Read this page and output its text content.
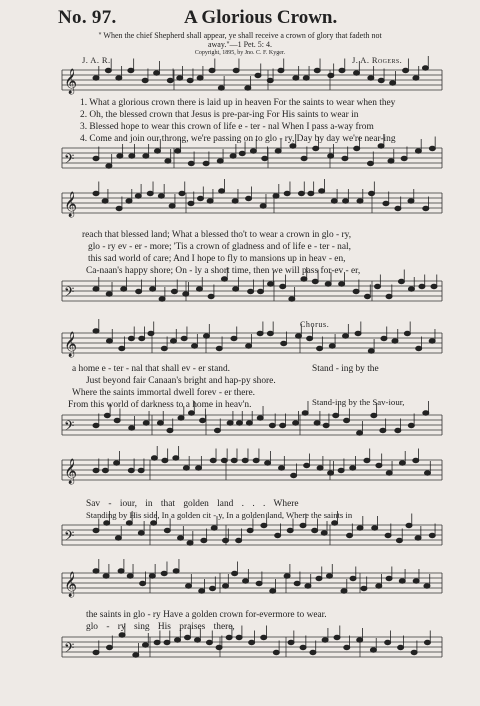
No. 97.	A Glorious Crown.
" When the chief Shepherd shall appear, ye shall receive a crown of glory that fadeth not
away."—1 Pet. 5: 4.
Copyright, 1895, by Jno. C. F. Kyger.
J. A. R.	J. A. Rogers.
𝄞
𝄢
𝄞
𝄢
𝄞
𝄢
𝄞
𝄢
𝄞
𝄢
1. What a glorious crown there is laid up in heaven For the saints to wear when they
2. Oh, the blessed crown that Jesus is pre-par-ing For His saints to wear in
3. Blessed hope to wear this crown of life e - ter - nal When I pass a-way from
4. Come and join our throng, we're passing on to glo - ry, Day by day we're near-ing
reach that blessed land; What a blessed tho't to wear a crown in glo - ry,
glo - ry ev - er - more; 'Tis a crown of gladness and of life e - ter - nal,
this sad world of care; And I hope to fly to mansions up in heav - en,
Ca-naan's happy shore; On - ly a short time, then we will pass for-ev - er,
Chorus.
a home e - ter - nal that shall ev - er stand.	Stand - ing by the
Just beyond fair Canaan's bright and hap-py shore.
Where the saints immortal dwell forev - er there.
From this world of darkness to a home in heav'n.	Stand-ing by the Sav-iour,
Sav - iour, in that golden land . . . Where
Standing by His side, In a golden cit - y, In a golden land, Where the saints in
the saints in glo - ry Have a golden crown for-evermore to wear.
glo - ry sing His praises there,
